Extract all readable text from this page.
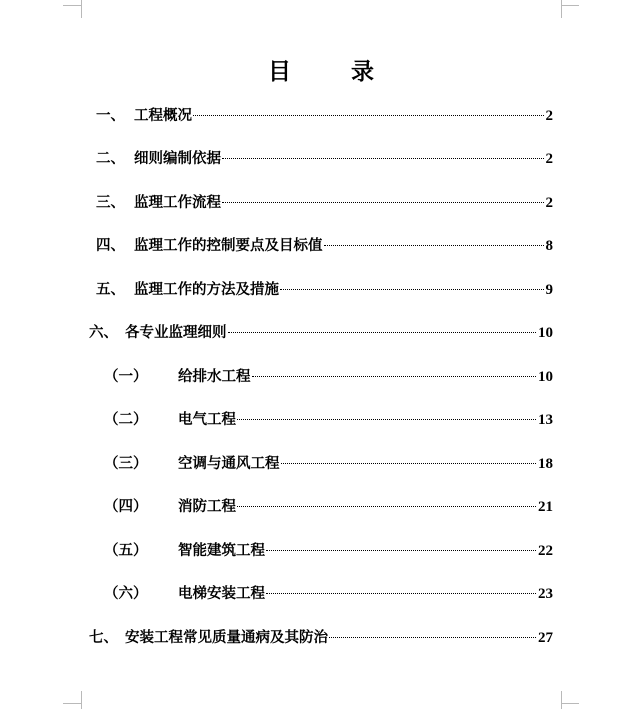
目	录
一、 工程概况	2
二、 细则编制依据	2
三、 监理工作流程	2
四、 监理工作的控制要点及目标值	8
五、 监理工作的方法及措施	9
六、 各专业监理细则	10
（一） 给排水工程	10
（二） 电气工程	13
（三） 空调与通风工程	18
（四） 消防工程	21
（五） 智能建筑工程	22
（六） 电梯安装工程	23
七、 安装工程常见质量通病及其防治	27
